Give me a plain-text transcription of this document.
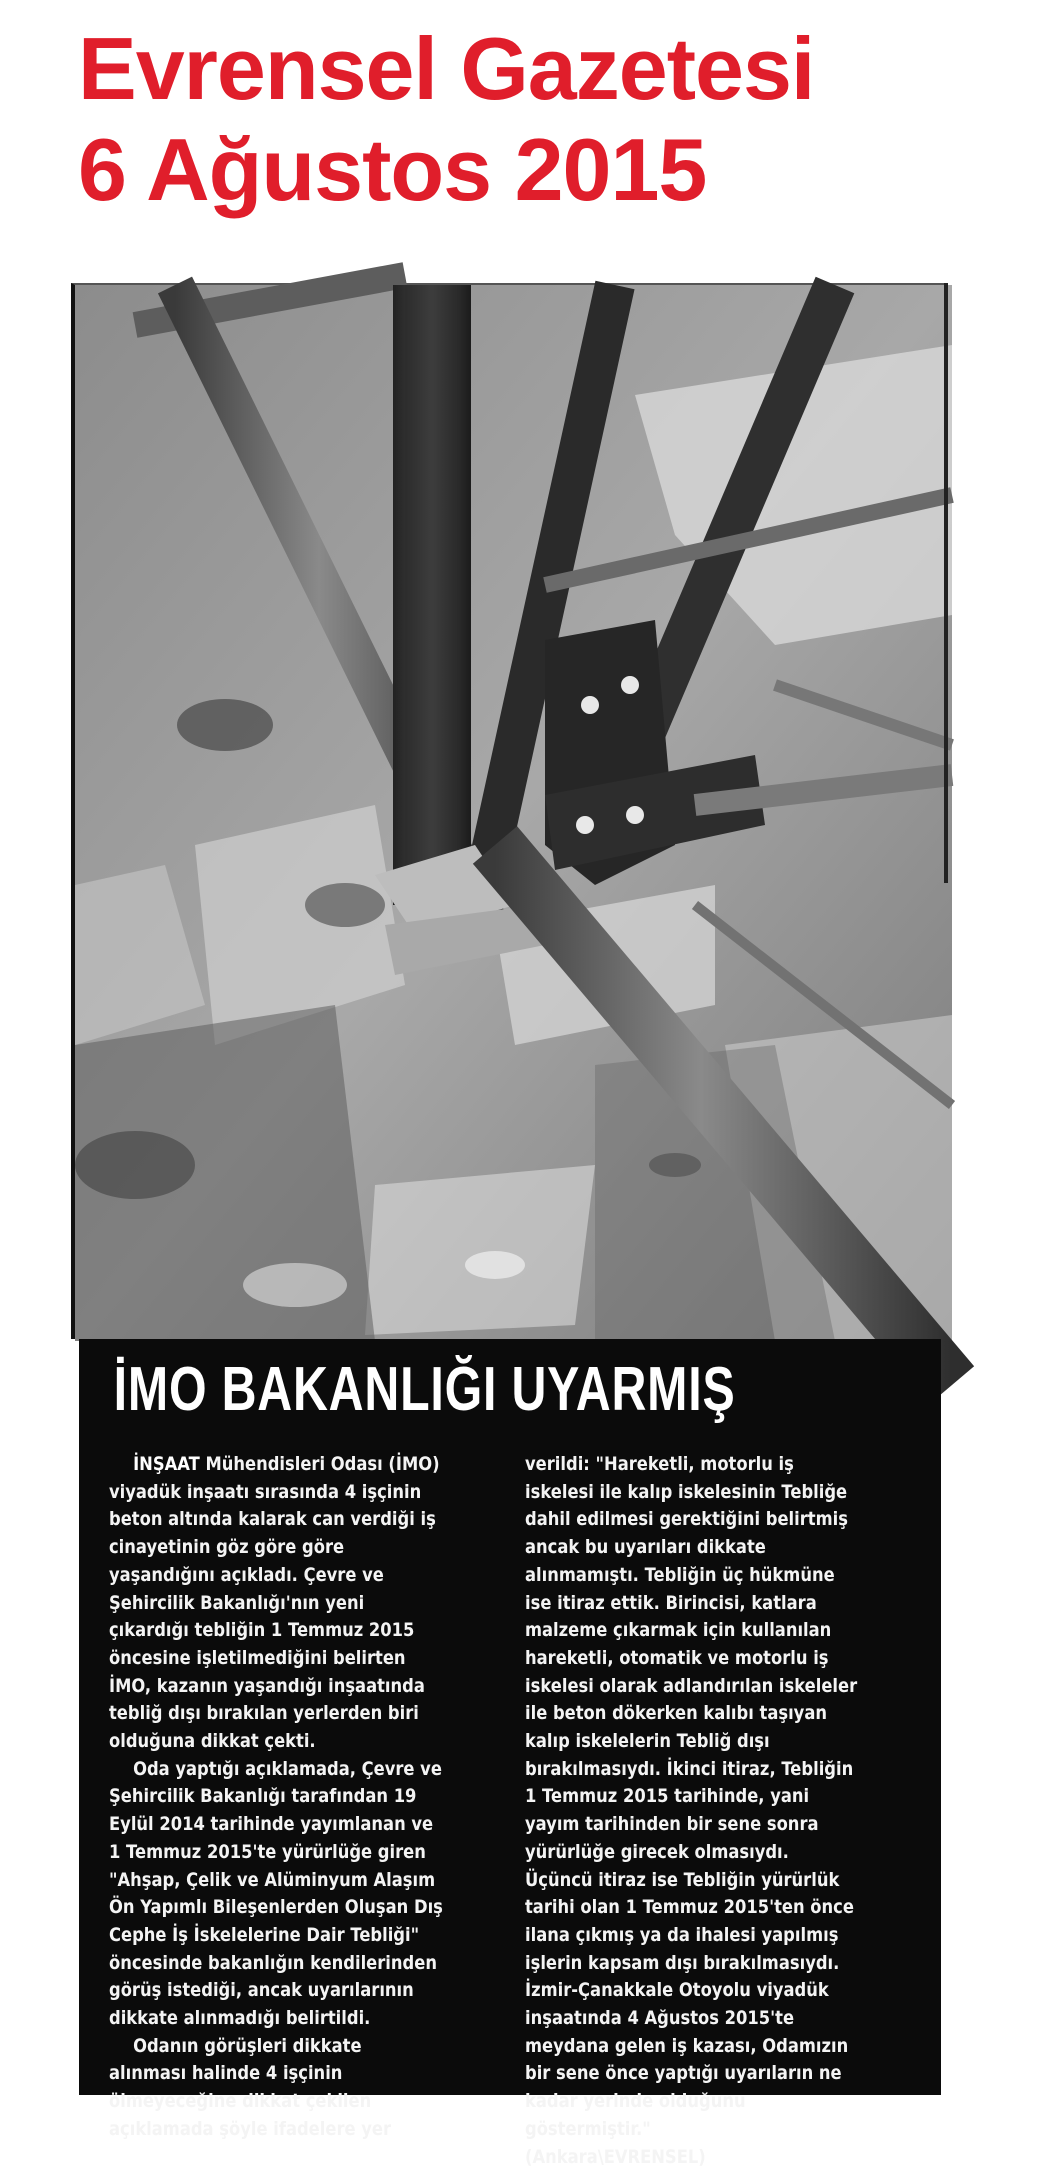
Evrensel Gazetesi
6 Ağustos 2015
İMO BAKANLIĞI UYARMIŞ

İNŞAAT Mühendisleri Odası (İMO) viyadük inşaatı sırasında 4 işçinin beton altında kalarak can verdiği iş cinayetinin göz göre göre yaşandığını açıkladı. Çevre ve Şehircilik Bakanlığı'nın yeni çıkardığı tebliğin 1 Temmuz 2015 öncesine işletilmediğini belirten İMO, kazanın yaşandığı inşaatında tebliğ dışı bırakılan yerlerden biri olduğuna dikkat çekti.

Oda yaptığı açıklamada, Çevre ve Şehircilik Bakanlığı tarafından 19 Eylül 2014 tarihinde yayımlanan ve 1 Temmuz 2015'te yürürlüğe giren "Ahşap, Çelik ve Alüminyum Alaşım Ön Yapımlı Bileşenlerden Oluşan Dış Cephe İş İskelelerine Dair Tebliği" öncesinde bakanlığın kendilerinden görüş istediği, ancak uyarılarının dikkate alınmadığı belirtildi.

Odanın görüşleri dikkate alınması halinde 4 işçinin ölmeyeceğine dikkat çekilen açıklamada şöyle ifadelere yer

verildi: "Hareketli, motorlu iş iskelesi ile kalıp iskelesinin Tebliğe dahil edilmesi gerektiğini belirtmiş ancak bu uyarıları dikkate alınmamıştı. Tebliğin üç hükmüne ise itiraz ettik. Birincisi, katlara malzeme çıkarmak için kullanılan hareketli, otomatik ve motorlu iş iskelesi olarak adlandırılan iskeleler ile beton dökerken kalıbı taşıyan kalıp iskelelerin Tebliğ dışı bırakılmasıydı. İkinci itiraz, Tebliğin 1 Temmuz 2015 tarihinde, yani yayım tarihinden bir sene sonra yürürlüğe girecek olmasıydı. Üçüncü itiraz ise Tebliğin yürürlük tarihi olan 1 Temmuz 2015'ten önce ilana çıkmış ya da ihalesi yapılmış işlerin kapsam dışı bırakılmasıydı. İzmir-Çanakkale Otoyolu viyadük inşaatında 4 Ağustos 2015'te meydana gelen iş kazası, Odamızın bir sene önce yaptığı uyarıların ne kadar yerinde olduğunu göstermiştir."

(Ankara\EVRENSEL)
